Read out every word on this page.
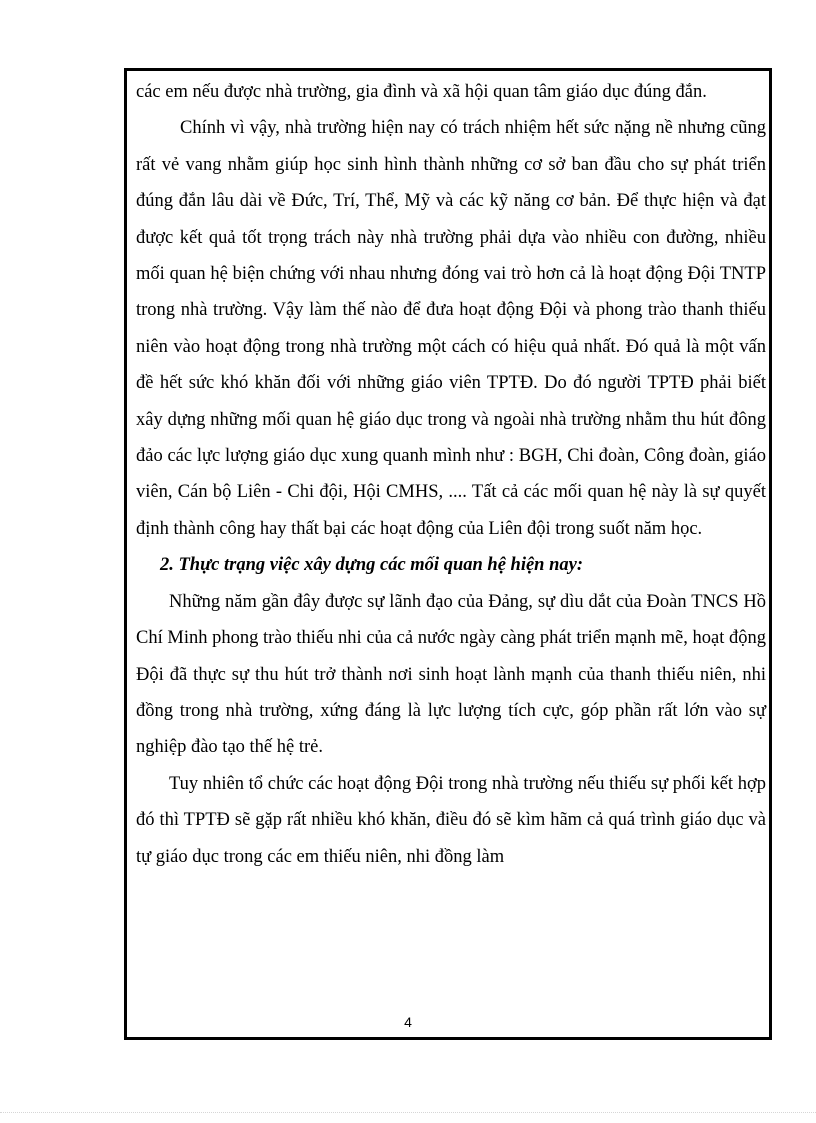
các em nếu được nhà trường, gia đình và xã hội quan tâm giáo dục đúng đắn.

Chính vì vậy, nhà trường hiện nay có trách nhiệm hết sức nặng nề nhưng cũng rất vẻ vang nhằm giúp học sinh hình thành những cơ sở ban đầu cho sự phát triển đúng đắn lâu dài về Đức, Trí, Thể, Mỹ và các kỹ năng cơ bản. Để thực hiện và đạt được kết quả tốt trọng trách này nhà trường phải dựa vào nhiều con đường, nhiều mối quan hệ biện chứng với nhau nhưng đóng vai trò hơn cả là hoạt động Đội TNTP trong nhà trường. Vậy làm thế nào để đưa hoạt động Đội và phong trào thanh thiếu niên vào hoạt động trong nhà trường một cách có hiệu quả nhất. Đó quả là một vấn đề hết sức khó khăn đối với những giáo viên TPTĐ. Do đó người TPTĐ phải biết xây dựng những mối quan hệ giáo dục trong và ngoài nhà trường nhằm thu hút đông đảo các lực lượng giáo dục xung quanh mình như : BGH, Chi đoàn, Công đoàn, giáo viên, Cán bộ Liên - Chi đội, Hội CMHS, .... Tất cả các mối quan hệ này là sự quyết định thành công hay thất bại các hoạt động của Liên đội trong suốt năm học.

2. Thực trạng việc xây dựng các mối quan hệ hiện nay:

Những năm gần đây được sự lãnh đạo của Đảng, sự dìu dắt của Đoàn TNCS Hồ Chí Minh phong trào thiếu nhi của cả nước ngày càng phát triển mạnh mẽ, hoạt động Đội đã thực sự thu hút trở thành nơi sinh hoạt lành mạnh của thanh thiếu niên, nhi đồng trong nhà trường, xứng đáng là lực lượng tích cực, góp phần rất lớn vào sự nghiệp đào tạo thế hệ trẻ.

Tuy nhiên tổ chức các hoạt động Đội trong nhà trường nếu thiếu sự phối kết hợp đó thì TPTĐ sẽ gặp rất nhiều khó khăn, điều đó sẽ kìm hãm cả quá trình giáo dục và tự giáo dục trong các em thiếu niên, nhi đồng làm

4
